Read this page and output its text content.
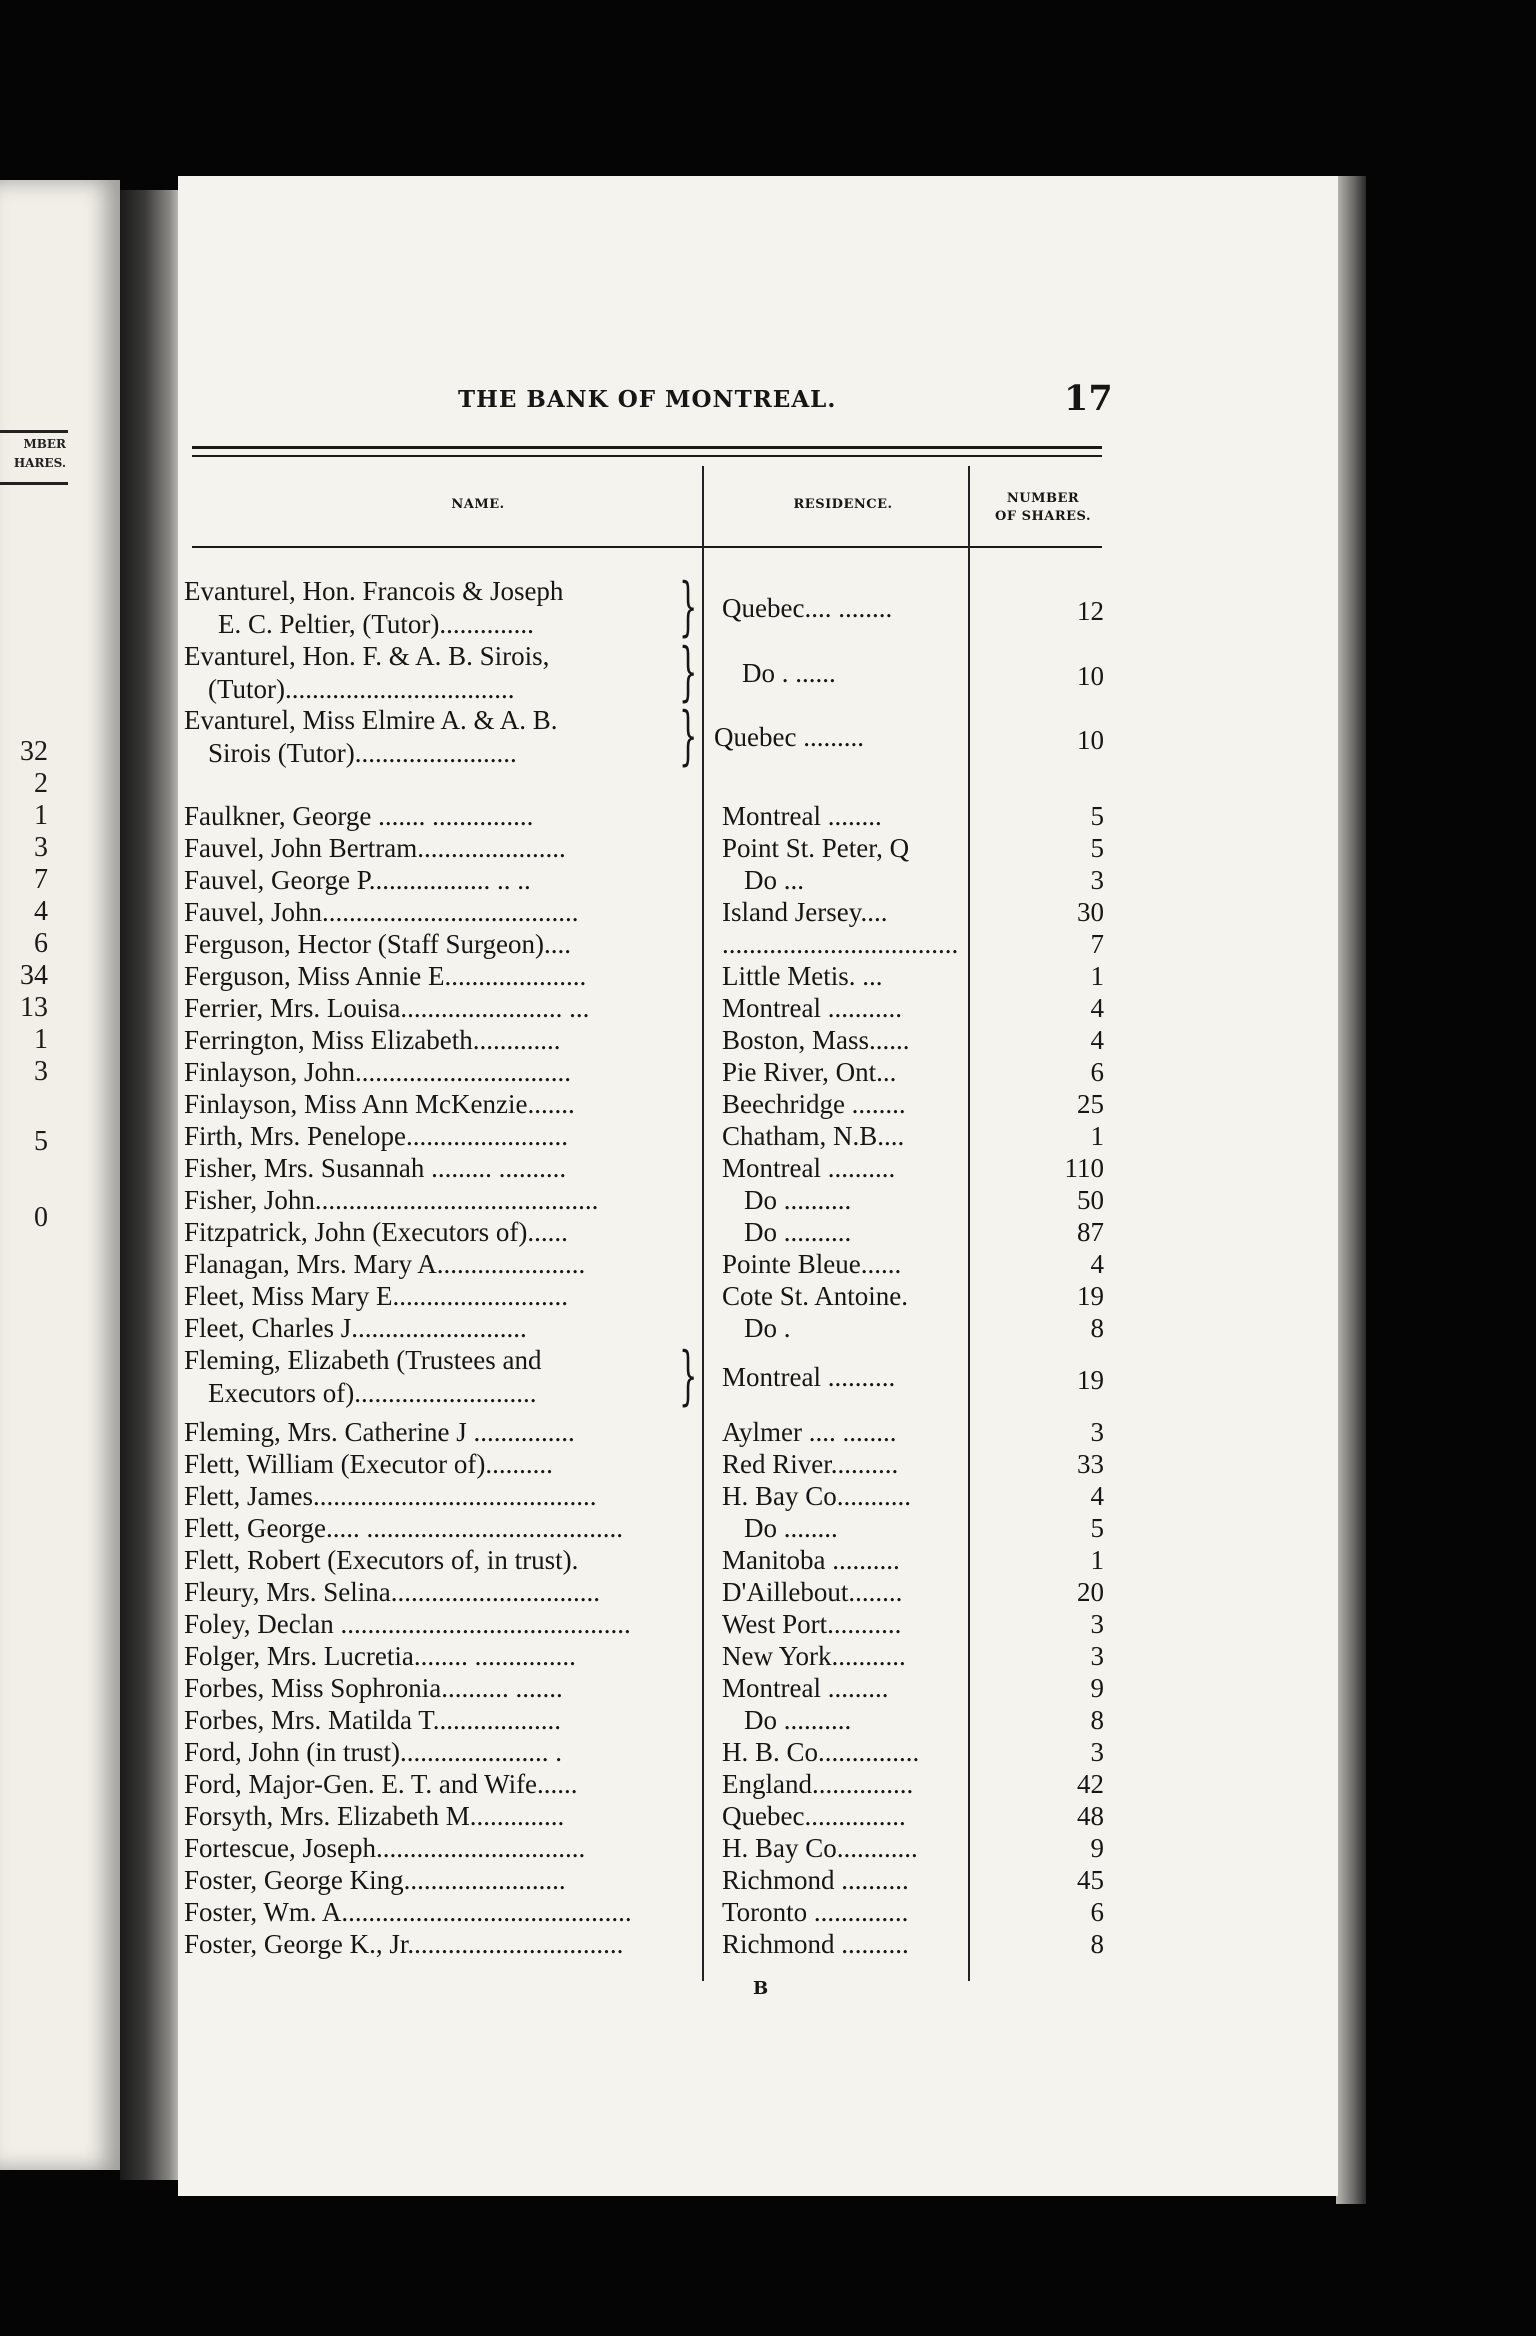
MBER
HARES.
32
2
1
3
7
4
6
34
13
1
3
5
0
THE BANK OF MONTREAL.	17
NAME.	RESIDENCE.	NUMBER
OF SHARES.
Evanturel, Hon. Francois & Joseph
E. C. Peltier, (Tutor)..............	} Quebec.... ........	12
Evanturel, Hon. F. & A. B. Sirois,
(Tutor)..................................	} Do . ......	10
Evanturel, Miss Elmire A. & A. B.
Sirois (Tutor)........................	} Quebec .........	10
Faulkner, George ....... ...............	Montreal ........	5
Fauvel, John Bertram......................	Point St. Peter, Q	5
Fauvel, George P.................. .. ..	Do ...	3
Fauvel, John......................................	Island Jersey....	30
Ferguson, Hector (Staff Surgeon)....	...................................	7
Ferguson, Miss Annie E.....................	Little Metis. ...	1
Ferrier, Mrs. Louisa........................ ...	Montreal ...........	4
Ferrington, Miss Elizabeth.............	Boston, Mass......	4
Finlayson, John................................	Pie River, Ont...	6
Finlayson, Miss Ann McKenzie.......	Beechridge ........	25
Firth, Mrs. Penelope........................	Chatham, N.B....	1
Fisher, Mrs. Susannah ......... ..........	Montreal ..........	110
Fisher, John..........................................	Do ..........	50
Fitzpatrick, John (Executors of)......	Do ..........	87
Flanagan, Mrs. Mary A......................	Pointe Bleue......	4
Fleet, Miss Mary E..........................	Cote St. Antoine.	19
Fleet, Charles J..........................	Do .	8
Fleming, Elizabeth (Trustees and
Executors of)...........................	} Montreal ..........	19
Fleming, Mrs. Catherine J ...............	Aylmer .... ........	3
Flett, William (Executor of)..........	Red River..........	33
Flett, James..........................................	H. Bay Co...........	4
Flett, George..... ......................................	Do ........	5
Flett, Robert (Executors of, in trust).	Manitoba ..........	1
Fleury, Mrs. Selina...............................	D'Aillebout........	20
Foley, Declan ...........................................	West Port...........	3
Folger, Mrs. Lucretia........ ...............	New York...........	3
Forbes, Miss Sophronia.......... .......	Montreal .........	9
Forbes, Mrs. Matilda T...................	Do ..........	8
Ford, John (in trust)...................... .	H. B. Co...............	3
Ford, Major-Gen. E. T. and Wife......	England...............	42
Forsyth, Mrs. Elizabeth M..............	Quebec...............	48
Fortescue, Joseph...............................	H. Bay Co............	9
Foster, George King........................	Richmond ..........	45
Foster, Wm. A...........................................	Toronto ..............	6
Foster, George K., Jr................................	Richmond ..........	8
B
